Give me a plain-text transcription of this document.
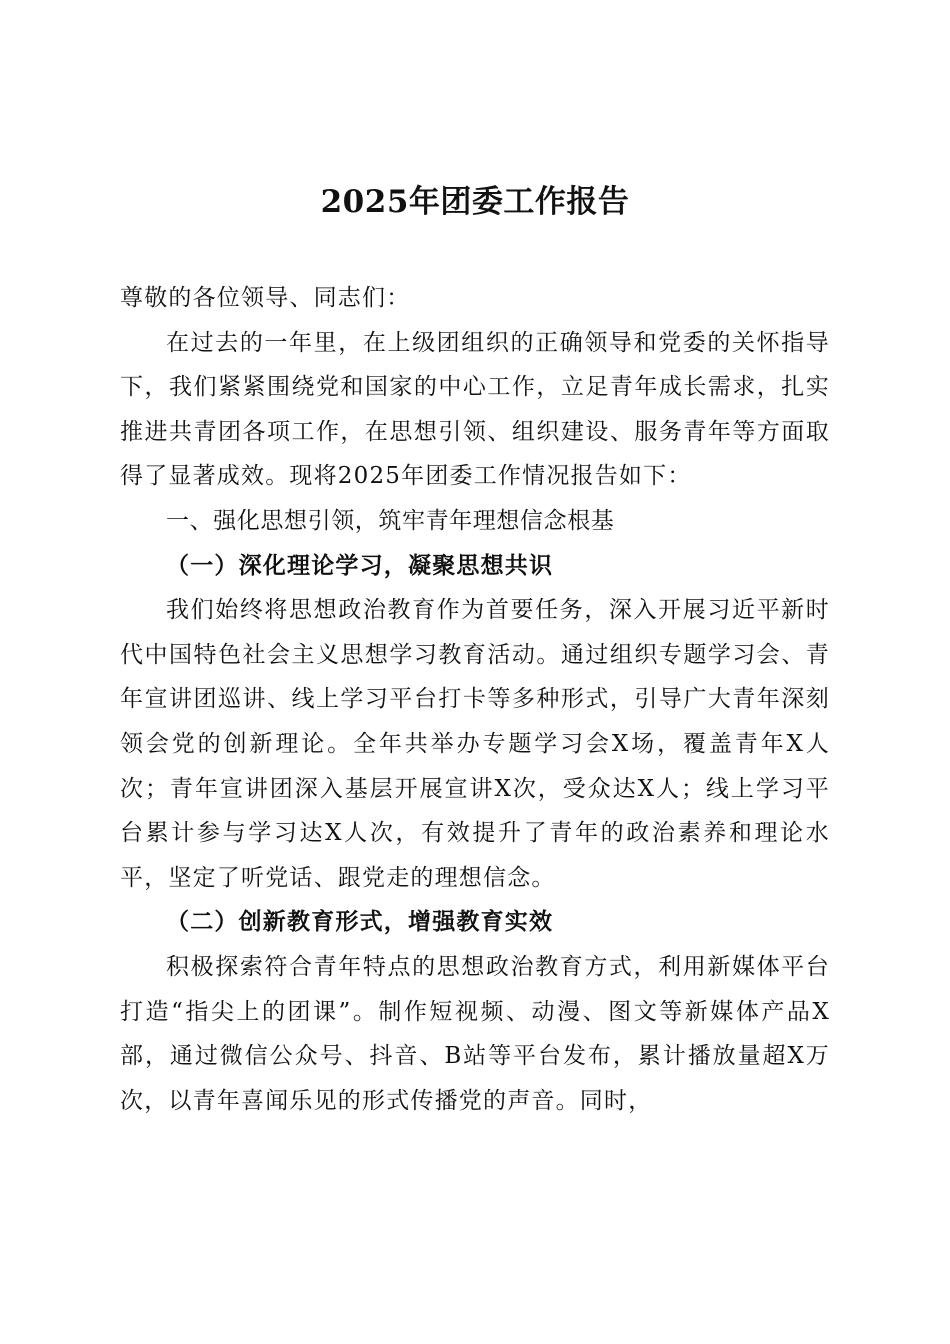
2025年团委工作报告

尊敬的各位领导、同志们：

在过去的一年里，在上级团组织的正确领导和党委的关怀指导下，我们紧紧围绕党和国家的中心工作，立足青年成长需求，扎实推进共青团各项工作，在思想引领、组织建设、服务青年等方面取得了显著成效。现将2025年团委工作情况报告如下：

一、强化思想引领，筑牢青年理想信念根基
（一）深化理论学习，凝聚思想共识

我们始终将思想政治教育作为首要任务，深入开展习近平新时代中国特色社会主义思想学习教育活动。通过组织专题学习会、青年宣讲团巡讲、线上学习平台打卡等多种形式，引导广大青年深刻领会党的创新理论。全年共举办专题学习会X场，覆盖青年X人次；青年宣讲团深入基层开展宣讲X次，受众达X人；线上学习平台累计参与学习达X人次，有效提升了青年的政治素养和理论水平，坚定了听党话、跟党走的理想信念。

（二）创新教育形式，增强教育实效

积极探索符合青年特点的思想政治教育方式，利用新媒体平台打造“指尖上的团课”。制作短视频、动漫、图文等新媒体产品X部，通过微信公众号、抖音、B站等平台发布，累计播放量超X万次，以青年喜闻乐见的形式传播党的声音。同时，
